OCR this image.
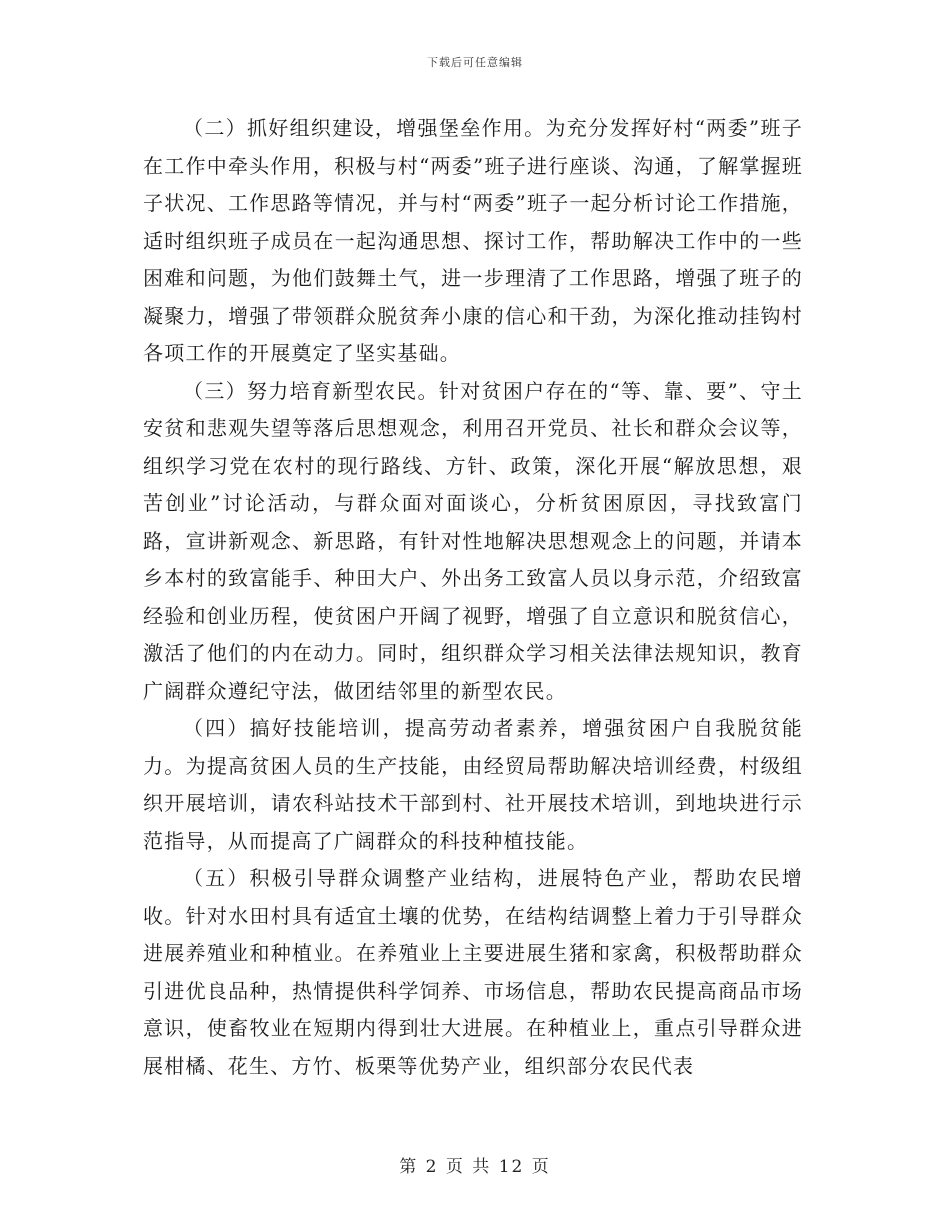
下载后可任意编辑

（二）抓好组织建设，增强堡垒作用。为充分发挥好村“两委”班子在工作中牵头作用，积极与村“两委”班子进行座谈、沟通，了解掌握班子状况、工作思路等情况，并与村“两委”班子一起分析讨论工作措施，适时组织班子成员在一起沟通思想、探讨工作，帮助解决工作中的一些困难和问题，为他们鼓舞土气，进一步理清了工作思路，增强了班子的凝聚力，增强了带领群众脱贫奔小康的信心和干劲，为深化推动挂钩村各项工作的开展奠定了坚实基础。

（三）努力培育新型农民。针对贫困户存在的“等、靠、要”、守土安贫和悲观失望等落后思想观念，利用召开党员、社长和群众会议等，组织学习党在农村的现行路线、方针、政策，深化开展“解放思想，艰苦创业”讨论活动，与群众面对面谈心，分析贫困原因，寻找致富门路，宣讲新观念、新思路，有针对性地解决思想观念上的问题，并请本乡本村的致富能手、种田大户、外出务工致富人员以身示范，介绍致富经验和创业历程，使贫困户开阔了视野，增强了自立意识和脱贫信心，激活了他们的内在动力。同时，组织群众学习相关法律法规知识，教育广阔群众遵纪守法，做团结邻里的新型农民。

（四）搞好技能培训，提高劳动者素养，增强贫困户自我脱贫能力。为提高贫困人员的生产技能，由经贸局帮助解决培训经费，村级组织开展培训，请农科站技术干部到村、社开展技术培训，到地块进行示范指导，从而提高了广阔群众的科技种植技能。

（五）积极引导群众调整产业结构，进展特色产业，帮助农民增收。针对水田村具有适宜土壤的优势，在结构结调整上着力于引导群众进展养殖业和种植业。在养殖业上主要进展生猪和家禽，积极帮助群众引进优良品种，热情提供科学饲养、市场信息，帮助农民提高商品市场意识，使畜牧业在短期内得到壮大进展。在种植业上，重点引导群众进展柑橘、花生、方竹、板栗等优势产业，组织部分农民代表

第 2 页 共 12 页
